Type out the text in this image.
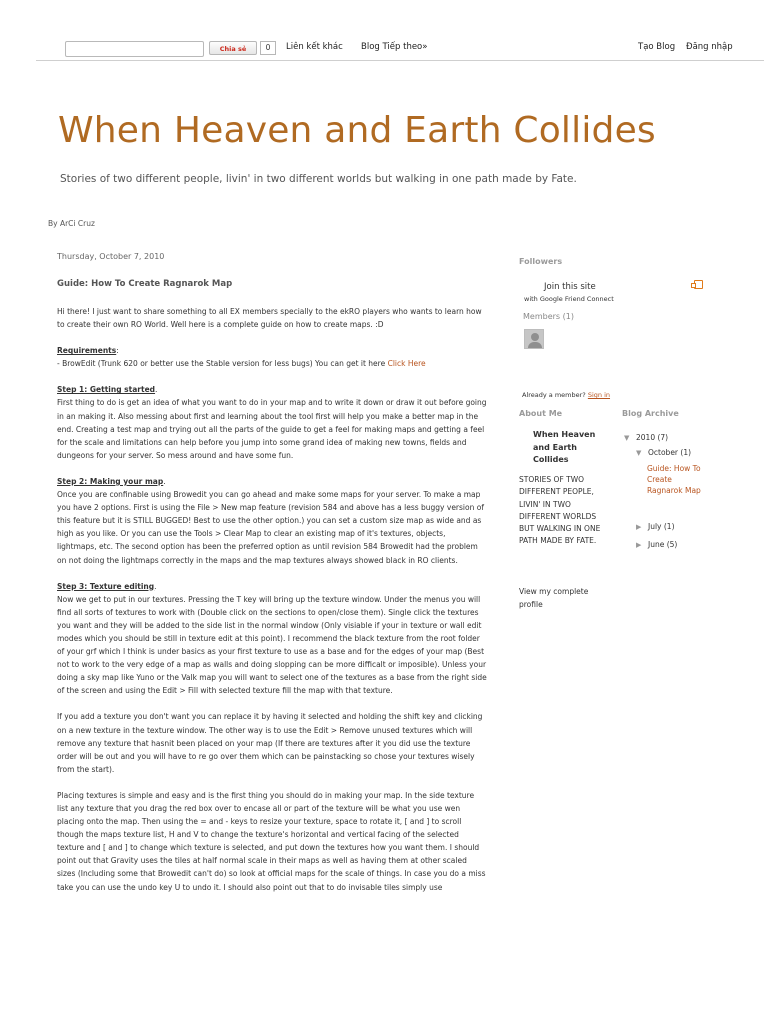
Chia sẻ	0	Liên kết khác Blog Tiếp theo»	Tạo Blog Đăng nhập
When Heaven and Earth Collides
Stories of two different people, livin' in two different worlds but walking in one path made by Fate.
By ArCi Cruz
Thursday, October 7, 2010
Guide: How To Create Ragnarok Map

Hi there! I just want to share something to all EX members specially to the ekRO players who wants to learn how to create their own RO World. Well here is a complete guide on how to create maps. :D

Requirements:
- BrowEdit (Trunk 620 or better use the Stable version for less bugs) You can get it here Click Here

Step 1: Getting started.
First thing to do is get an idea of what you want to do in your map and to write it down or draw it out before going in an making it. Also messing about first and learning about the tool first will help you make a better map in the end. Creating a test map and trying out all the parts of the guide to get a feel for making maps and getting a feel for the scale and limitations can help before you jump into some grand idea of making new towns, fields and dungeons for your server. So mess around and have some fun.

Step 2: Making your map.
Once you are confinable using Browedit you can go ahead and make some maps for your server. To make a map you have 2 options. First is using the File > New map feature (revision 584 and above has a less buggy version of this feature but it is STILL BUGGED! Best to use the other option.) you can set a custom size map as wide and as high as you like. Or you can use the Tools > Clear Map to clear an existing map of it's textures, objects, lightmaps, etc. The second option has been the preferred option as until revision 584 Browedit had the problem on not doing the lightmaps correctly in the maps and the map textures always showed black in RO clients.

Step 3: Texture editing.
Now we get to put in our textures. Pressing the T key will bring up the texture window. Under the menus you will find all sorts of textures to work with (Double click on the sections to open/close them). Single click the textures you want and they will be added to the side list in the normal window (Only visiable if your in texture or wall edit modes which you should be still in texture edit at this point). I recommend the black texture from the root folder of your grf which I think is under basics as your first texture to use as a base and for the edges of your map (Best not to work to the very edge of a map as walls and doing slopping can be more difficalt or imposible). Unless your doing a sky map like Yuno or the Valk map you will want to select one of the textures as a base from the right side of the screen and using the Edit > Fill with selected texture fill the map with that texture.

If you add a texture you don't want you can replace it by having it selected and holding the shift key and clicking on a new texture in the texture window. The other way is to use the Edit > Remove unused textures which will remove any texture that hasnit been placed on your map (If there are textures after it you did use the texture order will be out and you will have to re go over them which can be painstacking so chose your textures wisely from the start).

Placing textures is simple and easy and is the first thing you should do in making your map. In the side texture list any texture that you drag the red box over to encase all or part of the texture will be what you use wen placing onto the map. Then using the = and - keys to resize your texture, space to rotate it, [ and ] to scroll though the maps texture list, H and V to change the texture's horizontal and vertical facing of the selected texture and [ and ] to change which texture is selected, and put down the textures how you want them. I should point out that Gravity uses the tiles at half normal scale in their maps as well as having them at other scaled sizes (Including some that Browedit can't do) so look at official maps for the scale of things. In case you do a miss take you can use the undo key U to undo it. I should also point out that to do invisable tiles simply use

Followers
Join this site
with Google Friend Connect
Members (1)
Already a member? Sign in
About Me
When Heaven and Earth Collides
STORIES OF TWO DIFFERENT PEOPLE, LIVIN' IN TWO DIFFERENT WORLDS BUT WALKING IN ONE PATH MADE BY FATE.
View my complete profile
Blog Archive
▼ 2010 (7)
▼ October (1)
Guide: How To Create Ragnarok Map
▶ July (1)
▶ June (5)
